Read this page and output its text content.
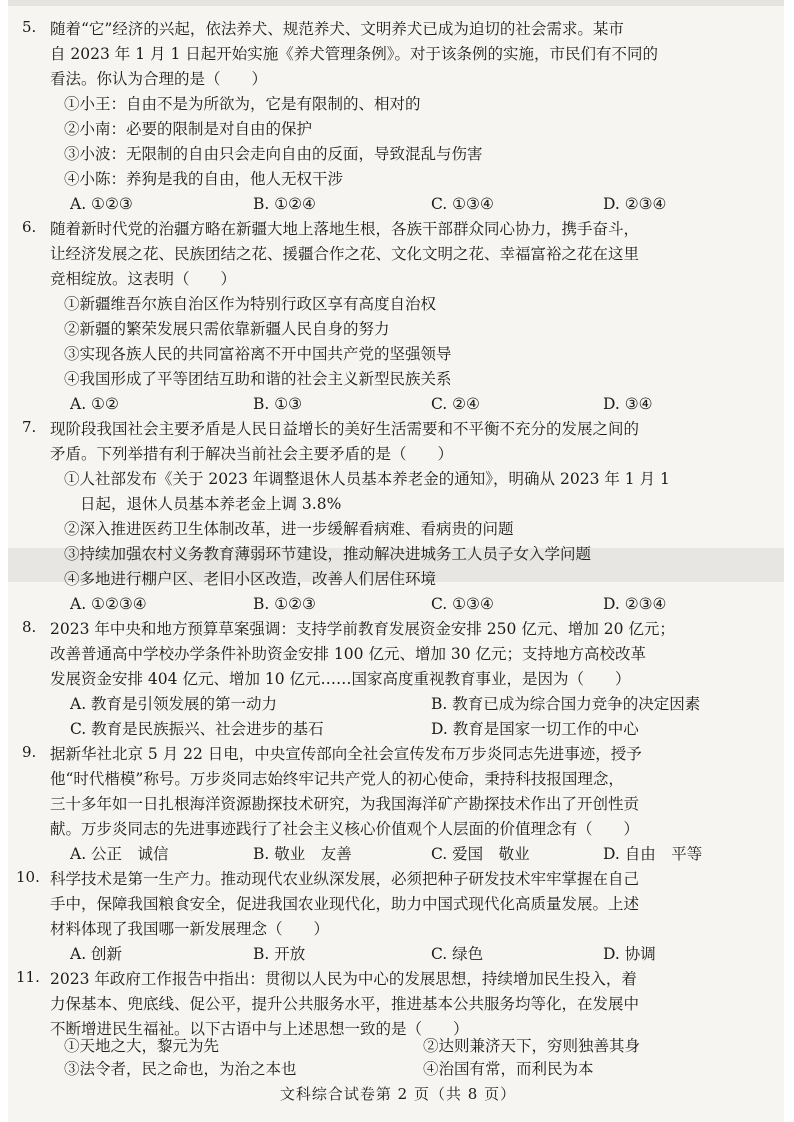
5. 随着“它”经济的兴起，依法养犬、规范养犬、文明养犬已成为迫切的社会需求。某市
自 2023 年 1 月 1 日起开始实施《养犬管理条例》。对于该条例的实施，市民们有不同的
看法。你认为合理的是（　　）
①小王：自由不是为所欲为，它是有限制的、相对的
②小南：必要的限制是对自由的保护
③小波：无限制的自由只会走向自由的反面，导致混乱与伤害
④小陈：养狗是我的自由，他人无权干涉
A. ①②③	B. ①②④	C. ①③④	D. ②③④
6. 随着新时代党的治疆方略在新疆大地上落地生根，各族干部群众同心协力，携手奋斗，
让经济发展之花、民族团结之花、援疆合作之花、文化文明之花、幸福富裕之花在这里
竞相绽放。这表明（　　）
①新疆维吾尔族自治区作为特别行政区享有高度自治权
②新疆的繁荣发展只需依靠新疆人民自身的努力
③实现各族人民的共同富裕离不开中国共产党的坚强领导
④我国形成了平等团结互助和谐的社会主义新型民族关系
A. ①②	B. ①③	C. ②④	D. ③④
7. 现阶段我国社会主要矛盾是人民日益增长的美好生活需要和不平衡不充分的发展之间的
矛盾。下列举措有利于解决当前社会主要矛盾的是（　　）
①人社部发布《关于 2023 年调整退休人员基本养老金的通知》，明确从 2023 年 1 月 1
日起，退休人员基本养老金上调 3.8%
②深入推进医药卫生体制改革，进一步缓解看病难、看病贵的问题
③持续加强农村义务教育薄弱环节建设，推动解决进城务工人员子女入学问题
④多地进行棚户区、老旧小区改造，改善人们居住环境
A. ①②③④	B. ①②③	C. ①③④	D. ②③④
8. 2023 年中央和地方预算草案强调：支持学前教育发展资金安排 250 亿元、增加 20 亿元；
改善普通高中学校办学条件补助资金安排 100 亿元、增加 30 亿元；支持地方高校改革
发展资金安排 404 亿元、增加 10 亿元……国家高度重视教育事业，是因为（　　）
A. 教育是引领发展的第一动力	B. 教育已成为综合国力竞争的决定因素
C. 教育是民族振兴、社会进步的基石	D. 教育是国家一切工作的中心
9. 据新华社北京 5 月 22 日电，中央宣传部向全社会宣传发布万步炎同志先进事迹，授予
他“时代楷模”称号。万步炎同志始终牢记共产党人的初心使命，秉持科技报国理念，
三十多年如一日扎根海洋资源勘探技术研究，为我国海洋矿产勘探技术作出了开创性贡
献。万步炎同志的先进事迹践行了社会主义核心价值观个人层面的价值理念有（　　）
A. 公正　诚信	B. 敬业　友善	C. 爱国　敬业	D. 自由　平等
10. 科学技术是第一生产力。推动现代农业纵深发展，必须把种子研发技术牢牢掌握在自己
手中，保障我国粮食安全，促进我国农业现代化，助力中国式现代化高质量发展。上述
材料体现了我国哪一新发展理念（　　）
A. 创新	B. 开放	C. 绿色	D. 协调
11. 2023 年政府工作报告中指出：贯彻以人民为中心的发展思想，持续增加民生投入，着
力保基本、兜底线、促公平，提升公共服务水平，推进基本公共服务均等化，在发展中
不断增进民生福祉。以下古语中与上述思想一致的是（　　）
①天地之大，黎元为先	②达则兼济天下，穷则独善其身
③法令者，民之命也，为治之本也	④治国有常，而利民为本
文科综合试卷第 2 页（共 8 页）
